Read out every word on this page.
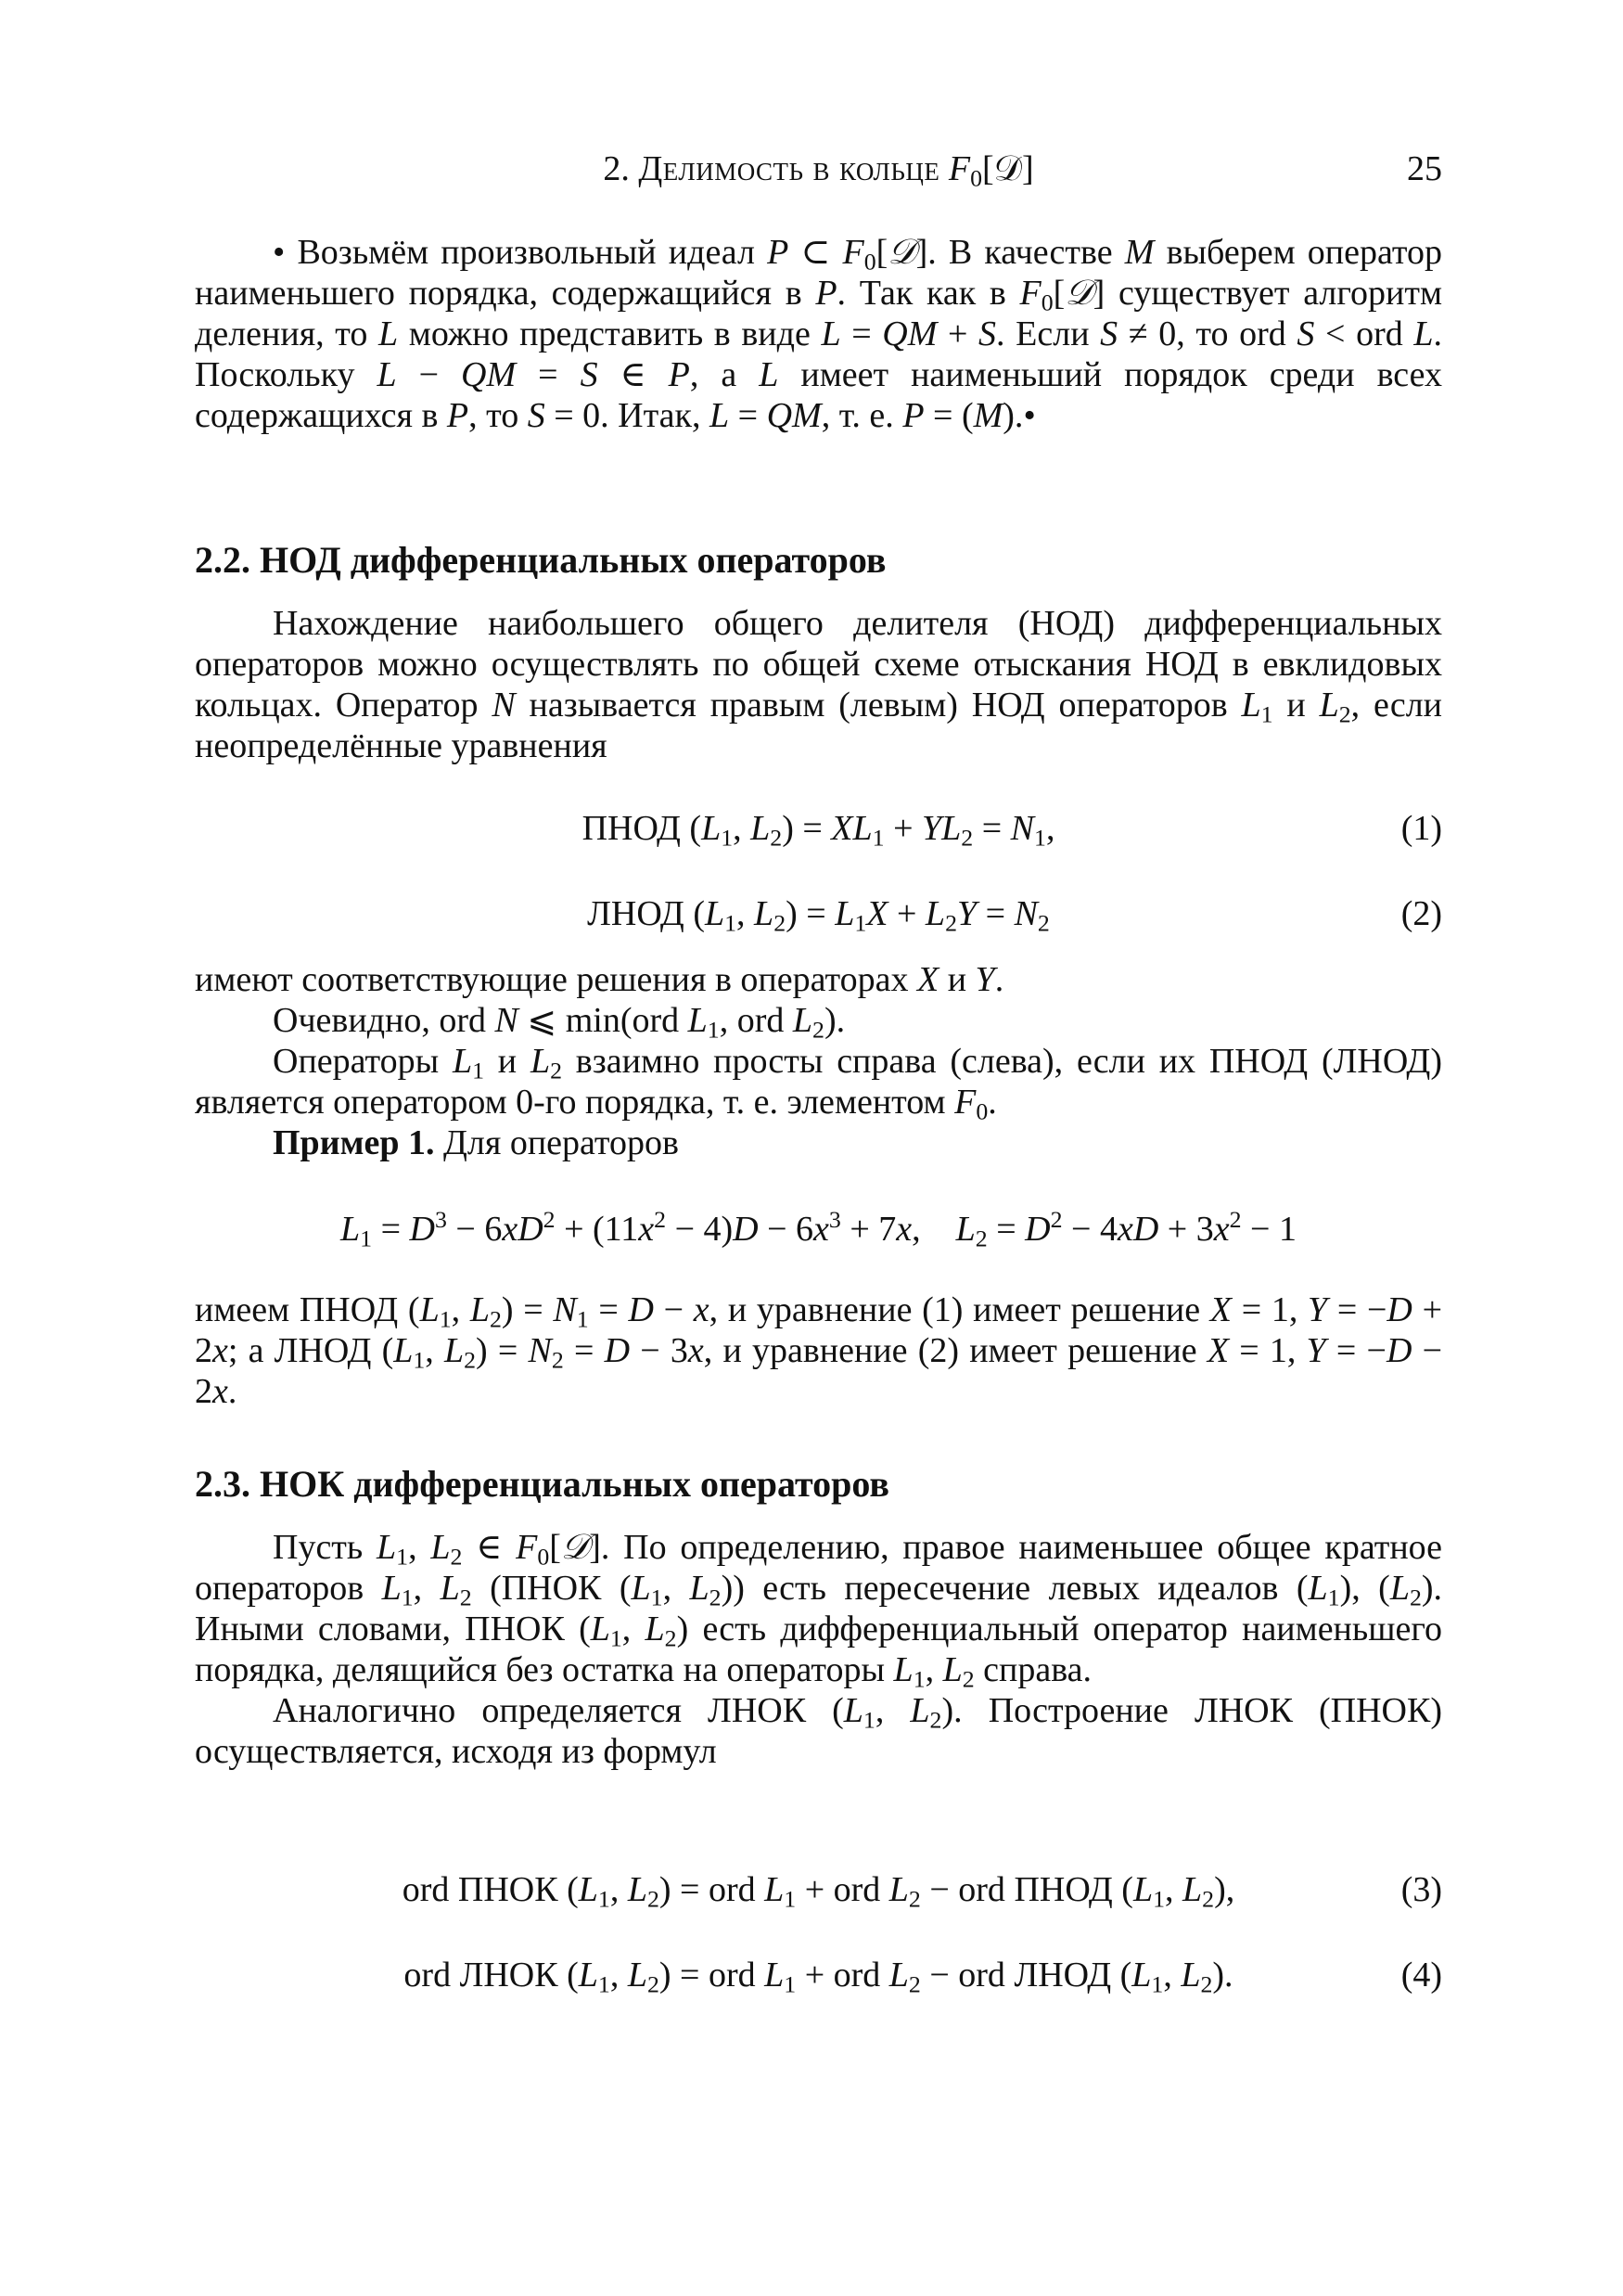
2. Делимость в кольце $F_0[𝒟]$	25

• Возьмём произвольный идеал P ⊂ $F_0[𝒟]$. В качестве M выберем оператор наименьшего порядка, содержащийся в P. Так как в $F_0[𝒟]$ существует алгоритм деления, то L можно представить в виде L = QM + S. Если S ≠ 0, то ord S < ord L. Поскольку L − QM = S ∈ P, а L имеет наименьший порядок среди всех содержащихся в P, то S = 0. Итак, L = QM, т. е. P = (M).•

2.2. НОД дифференциальных операторов

Нахождение наибольшего общего делителя (НОД) дифференциальных операторов можно осуществлять по общей схеме отыскания НОД в евклидовых кольцах. Оператор N называется правым (левым) НОД операторов $L_1$ и $L_2$, если неопределённые уравнения

ПНОД ($L_1$, $L_2) = XL_1 + YL_2 = N_1$,	(1)
ЛНОД ($L_1$, $L_2) = L_1X + L_2Y = N_2$	(2)

имеют соответствующие решения в операторах X и Y.

Очевидно, ord N ⩽ min(ord $L_1$, ord $L_2$).

Операторы $L_1$ и $L_2$ взаимно просты справа (слева), если их ПНОД (ЛНОД) является оператором 0-го порядка, т. е. элементом $F_0$.

Пример 1. Для операторов

$L_1 = D^3 - 6xD^2 + (11x^2 - 4)D - 6x^3 + 7x$,    $L_2 = D^2 - 4xD + 3x^2 - 1$

имеем ПНОД ($L_1$, $L_2) = N_1 = D - x$, и уравнение (1) имеет решение X = 1, Y = −D + 2x; а ЛНОД ($L_1$, $L_2) = N_2 = D - 3x$, и уравнение (2) имеет решение X = 1, Y = −D − 2x.

2.3. НОК дифференциальных операторов

Пусть $L_1$, $L_2$ ∈ $F_0[𝒟]$. По определению, правое наименьшее общее кратное операторов $L_1$, $L_2$ (ПНОК ($L_1$, $L_2$)) есть пересечение левых идеалов $(L_1)$, $(L_2)$. Иными словами, ПНОК ($L_1$, $L_2$) есть дифференциальный оператор наименьшего порядка, делящийся без остатка на операторы $L_1$, $L_2$ справа.

Аналогично определяется ЛНОК ($L_1$, $L_2$). Построение ЛНОК (ПНОК) осуществляется, исходя из формул

ord ПНОК ($L_1$, $L_2$) = ord $L_1$ + ord $L_2$ − ord ПНОД ($L_1$, $L_2$),	(3)
ord ЛНОК ($L_1$, $L_2$) = ord $L_1$ + ord $L_2$ − ord ЛНОД ($L_1$, $L_2$).	(4)
